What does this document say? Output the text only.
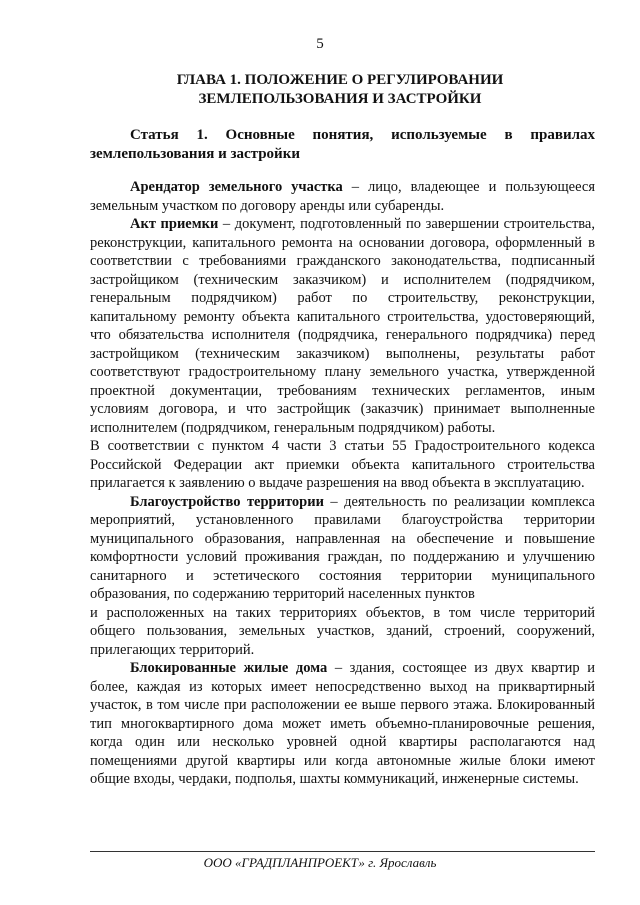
5
ГЛАВА 1. ПОЛОЖЕНИЕ О РЕГУЛИРОВАНИИ
ЗЕМЛЕПОЛЬЗОВАНИЯ И ЗАСТРОЙКИ
Статья 1. Основные понятия, используемые в правилах
землепользования и застройки

Арендатор земельного участка – лицо, владеющее и пользующееся земельным участком по договору аренды или субаренды.

Акт приемки – документ, подготовленный по завершении строительства, реконструкции, капитального ремонта на основании договора, оформленный в соответствии с требованиями гражданского законодательства, подписанный застройщиком (техническим заказчиком) и исполнителем (подрядчиком, генеральным подрядчиком) работ по строительству, реконструкции, капитальному ремонту объекта капитального строительства, удостоверяющий, что обязательства исполнителя (подрядчика, генерального подрядчика) перед застройщиком (техническим заказчиком) выполнены, результаты работ соответствуют градостроительному плану земельного участка, утвержденной проектной документации, требованиям технических регламентов, иным условиям договора, и что застройщик (заказчик) принимает выполненные исполнителем (подрядчиком, генеральным подрядчиком) работы.

В соответствии с пунктом 4 части 3 статьи 55 Градостроительного кодекса Российской Федерации акт приемки объекта капитального строительства прилагается к заявлению о выдаче разрешения на ввод объекта в эксплуатацию.

Благоустройство территории – деятельность по реализации комплекса мероприятий, установленного правилами благоустройства территории муниципального образования, направленная на обеспечение и повышение комфортности условий проживания граждан, по поддержанию и улучшению санитарного и эстетического состояния территории муниципального образования, по содержанию территорий населенных пунктов

и расположенных на таких территориях объектов, в том числе территорий общего пользования, земельных участков, зданий, строений, сооружений, прилегающих территорий.

Блокированные жилые дома – здания, состоящее из двух квартир и более, каждая из которых имеет непосредственно выход на приквартирный участок, в том числе при расположении ее выше первого этажа. Блокированный тип многоквартирного дома может иметь объемно-планировочные решения, когда один или несколько уровней одной квартиры располагаются над помещениями другой квартиры или когда автономные жилые блоки имеют общие входы, чердаки, подполья, шахты коммуникаций, инженерные системы.

ООО «ГРАДПЛАНПРОЕКТ» г. Ярославль
